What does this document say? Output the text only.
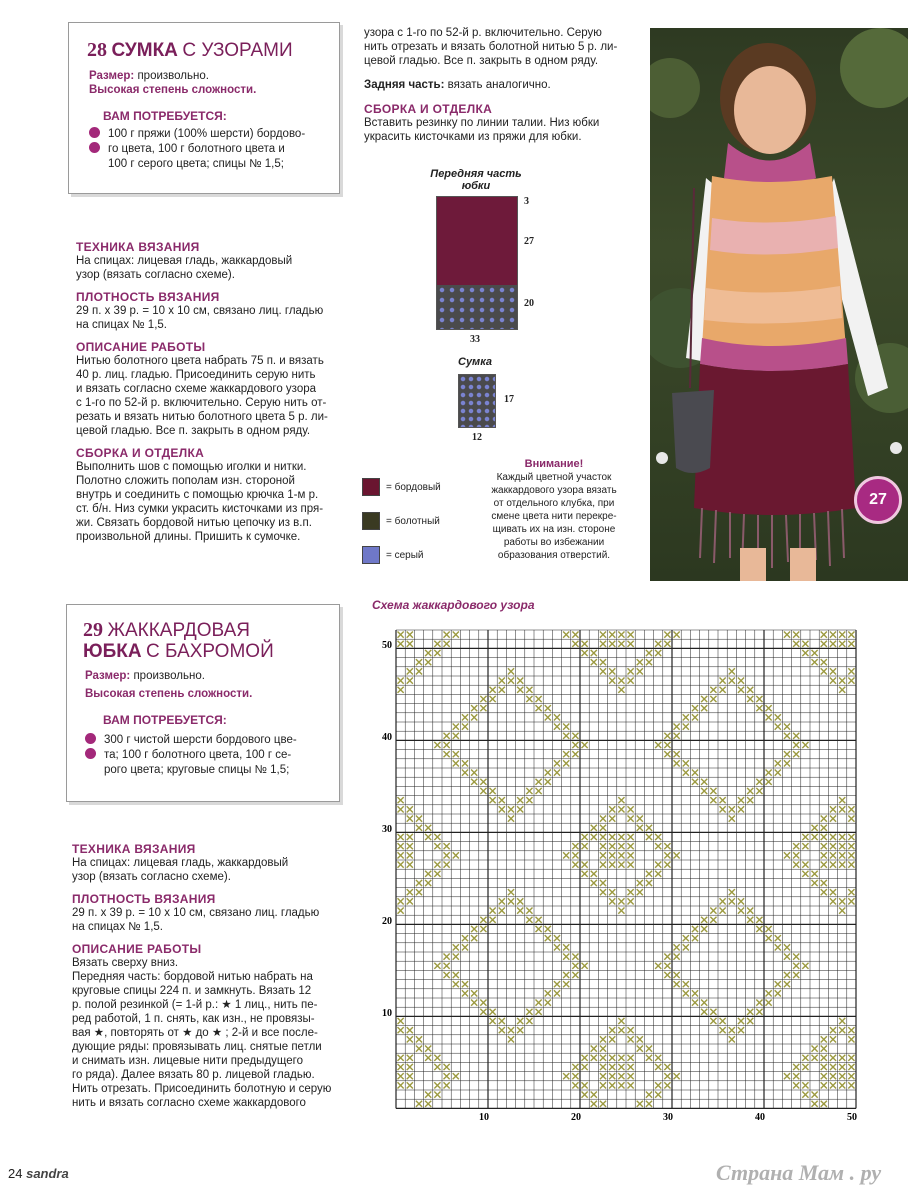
28 СУМКА С УЗОРАМИ
Размер: произвольно.
Высокая степень сложности.
ВАМ ПОТРЕБУЕТСЯ:
100 г пряжи (100% шерсти) бордово-
го цвета, 100 г болотного цвета и
100 г серого цвета; спицы № 1,5;
ТЕХНИКА ВЯЗАНИЯ
На спицах: лицевая гладь, жаккардовый
узор (вязать согласно схеме).
ПЛОТНОСТЬ ВЯЗАНИЯ
29 п. х 39 р. = 10 х 10 см, связано лиц. гладью
на спицах № 1,5.
ОПИСАНИЕ РАБОТЫ
Нитью болотного цвета набрать 75 п. и вязать
40 р. лиц. гладью. Присоединить серую нить
и вязать согласно схеме жаккардового узора
с 1-го по 52-й р. включительно. Серую нить от-
резать и вязать нитью болотного цвета 5 р. ли-
цевой гладью. Все п. закрыть в одном ряду.
СБОРКА И ОТДЕЛКА
Выполнить шов с помощью иголки и нитки.
Полотно сложить пополам изн. стороной
внутрь и соединить с помощью крючка 1-м р.
ст. б/н. Низ сумки украсить кисточками из пря-
жи. Связать бордовой нитью цепочку из в.п.
произвольной длины. Пришить к сумочке.
узора с 1-го по 52-й р. включительно. Серую
нить отрезать и вязать болотной нитью 5 р. ли-
цевой гладью. Все п. закрыть в одном ряду.
Задняя часть: вязать аналогично.
СБОРКА И ОТДЕЛКА
Вставить резинку по линии талии. Низ юбки
украсить кисточками из пряжи для юбки.
Передняя часть
юбки
3
27
20
33
Сумка
17
12
= бордовый
= болотный
= серый
Внимание!
Каждый цветной участок
жаккардового узора вязать
от отдельного клубка, при
смене цвета нити перекре-
щивать их на изн. стороне
работы во избежании
образования отверстий.
27
29 ЖАККАРДОВАЯ
ЮБКА С БАХРОМОЙ
Размер: произвольно.
Высокая степень сложности.
ВАМ ПОТРЕБУЕТСЯ:
300 г чистой шерсти бордового цве-
та; 100 г болотного цвета, 100 г се-
рого цвета; круговые спицы № 1,5;
ТЕХНИКА ВЯЗАНИЯ
На спицах: лицевая гладь, жаккардовый
узор (вязать согласно схеме).
ПЛОТНОСТЬ ВЯЗАНИЯ
29 п. х 39 р. = 10 х 10 см, связано лиц. гладью
на спицах № 1,5.
ОПИСАНИЕ РАБОТЫ
Вязать сверху вниз.
Передняя часть: бордовой нитью набрать на
круговые спицы 224 п. и замкнуть. Вязать 12
р. полой резинкой (= 1-й р.: ★ 1 лиц., нить пе-
ред работой, 1 п. снять, как изн., не провязы-
вая ★, повторять от ★ до ★ ; 2-й и все после-
дующие ряды: провязывать лиц. снятые петли
и снимать изн. лицевые нити предыдущего
го ряда). Далее вязать 80 р. лицевой гладью.
Нить отрезать. Присоединить болотную и серую
нить и вязать согласно схеме жаккардового
Схема жаккардового узора
50
40
30
20
10
10	20	30	40	50
24 sandra	Страна Мам . ру
